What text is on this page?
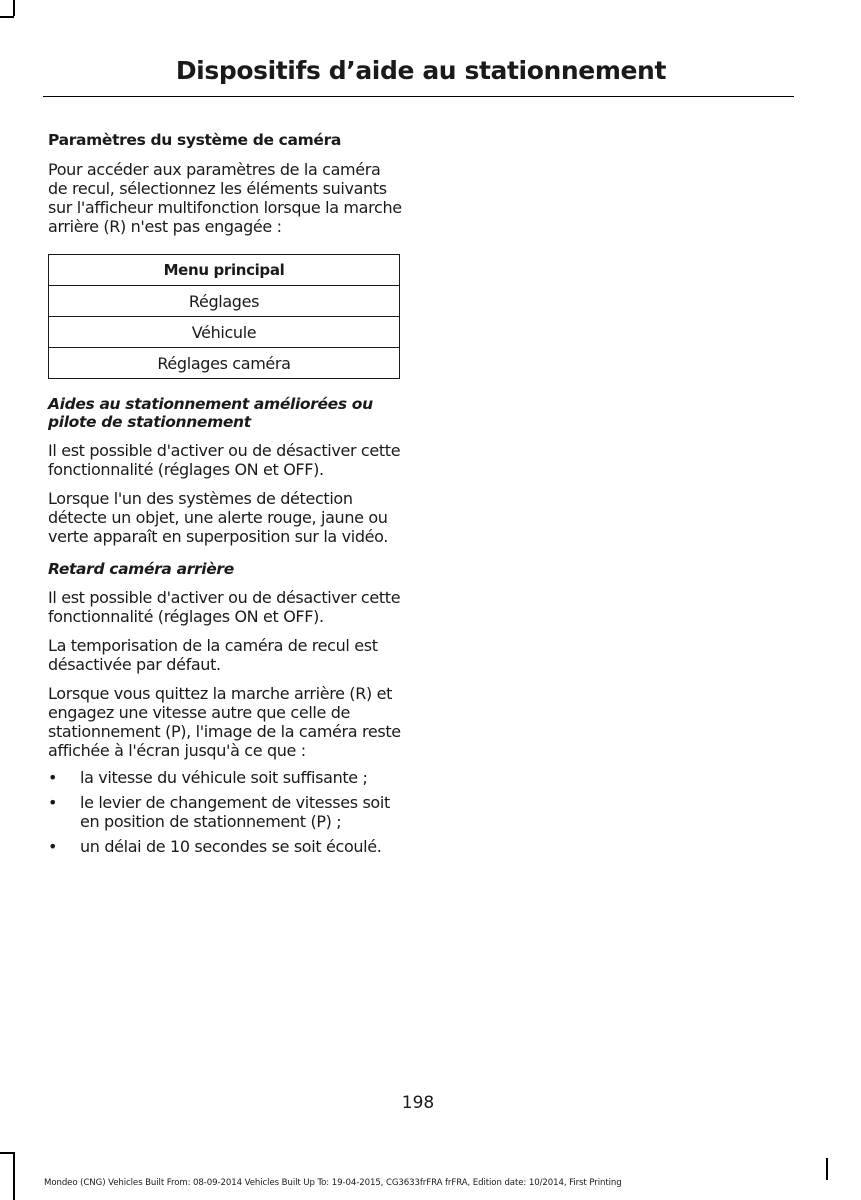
Dispositifs d’aide au stationnement
Paramètres du système de caméra

Pour accéder aux paramètres de la caméra de recul, sélectionnez les éléments suivants sur l'afficheur multifonction lorsque la marche arrière (R) n'est pas engagée :

Menu principal
Réglages
Véhicule
Réglages caméra
Aides au stationnement améliorées ou pilote de stationnement

Il est possible d'activer ou de désactiver cette fonctionnalité (réglages ON et OFF).

Lorsque l'un des systèmes de détection détecte un objet, une alerte rouge, jaune ou verte apparaît en superposition sur la vidéo.

Retard caméra arrière

Il est possible d'activer ou de désactiver cette fonctionnalité (réglages ON et OFF).

La temporisation de la caméra de recul est désactivée par défaut.

Lorsque vous quittez la marche arrière (R) et engagez une vitesse autre que celle de stationnement (P), l'image de la caméra reste affichée à l'écran jusqu'à ce que :

• la vitesse du véhicule soit suffisante ;
• le levier de changement de vitesses soit en position de stationnement (P) ;
• un délai de 10 secondes se soit écoulé.

198

Mondeo (CNG) Vehicles Built From: 08-09-2014 Vehicles Built Up To: 19-04-2015, CG3633frFRA frFRA, Edition date: 10/2014, First Printing
